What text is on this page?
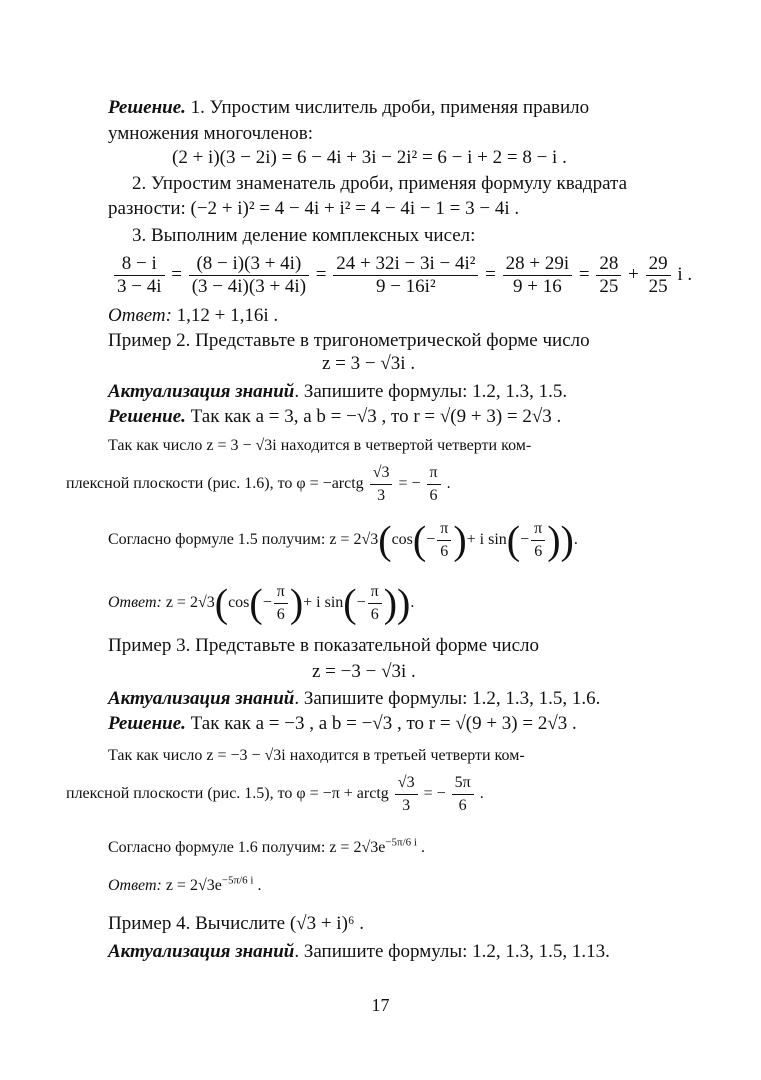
Решение. 1. Упростим числитель дроби, применяя правило
умножения многочленов:
(2 + i)(3 − 2i) = 6 − 4i + 3i − 2i² = 6 − i + 2 = 8 − i .
2. Упростим знаменатель дроби, применяя формулу квадрата
разности: (−2 + i)² = 4 − 4i + i² = 4 − 4i − 1 = 3 − 4i .
3. Выполним деление комплексных чисел:
$\frac{8 - i}{3 - 4i} = \frac{(8 - i)(3 + 4i)}{(3 - 4i)(3 + 4i)} = \frac{\text{24 + 32i − 3i − 4i²}}{\text{9 − 16i²}} = \frac{28 + 29i}{9 + 16} = \frac{28}{25} + \frac{29}{25}$ i .
Ответ: 1,12 + 1,16i .
Пример 2. Представьте в тригонометрической форме число
z = 3 − √3i .
Актуализация знаний. Запишите формулы: 1.2, 1.3, 1.5.
Решение. Так как a = 3, a b = −√3 , то r = √(9 + 3) = 2√3 .
Так как число z = 3 − √3i находится в четвертой четверти ком-
плексной плоскости (рис. 1.6), то φ = −arctg $\frac{√3}{3}$ = − $\frac{\pi}{6}$ .
Согласно формуле 1.5 получим: $z = 2√3(\cos(- \frac{\pi}{6}$ )+ i $\sin(- \frac{\pi}{6}$ )).
Ответ: $z = 2√3(\cos(- \frac{\pi}{6}$ )+ i $\sin(- \frac{\pi}{6}$ )).
Пример 3. Представьте в показательной форме число
z = −3 − √3i .
Актуализация знаний. Запишите формулы: 1.2, 1.3, 1.5, 1.6.
Решение. Так как a = −3 , a b = −√3 , то r = √(9 + 3) = 2√3 .
Так как число z = −3 − √3i находится в третьей четверти ком-
плексной плоскости (рис. 1.5), то φ = −π + arctg $\frac{√3}{3}$ = − $\frac{5\pi}{6}$ .
Согласно формуле 1.6 получим: $z = 2√3e^{-5\pi/6 i}$ .
Ответ: $z = 2√3e^{-5\pi/6 i}$ .
Пример 4. Вычислите (√3 + i)⁶ .
Актуализация знаний. Запишите формулы: 1.2, 1.3, 1.5, 1.13.
17
